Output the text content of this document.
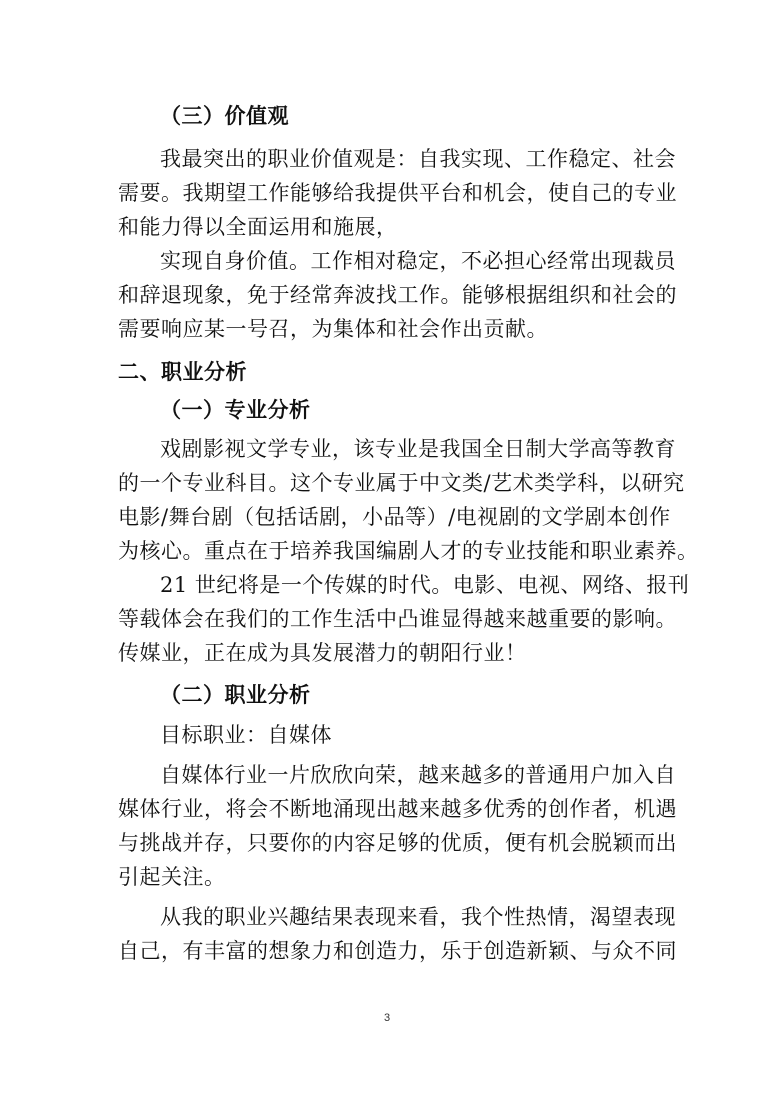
（三）价值观
我最突出的职业价值观是：自我实现、工作稳定、社会
需要。我期望工作能够给我提供平台和机会，使自己的专业
和能力得以全面运用和施展，
实现自身价值。工作相对稳定，不必担心经常出现裁员
和辞退现象，免于经常奔波找工作。能够根据组织和社会的
需要响应某一号召，为集体和社会作出贡献。
二、职业分析
（一）专业分析
戏剧影视文学专业，该专业是我国全日制大学高等教育
的一个专业科目。这个专业属于中文类/艺术类学科，以研究
电影/舞台剧（包括话剧，小品等）/电视剧的文学剧本创作
为核心。重点在于培养我国编剧人才的专业技能和职业素养。
21 世纪将是一个传媒的时代。电影、电视、网络、报刊
等载体会在我们的工作生活中凸谁显得越来越重要的影响。
传媒业，正在成为具发展潜力的朝阳行业！
（二）职业分析
目标职业：自媒体
自媒体行业一片欣欣向荣，越来越多的普通用户加入自
媒体行业，将会不断地涌现出越来越多优秀的创作者，机遇
与挑战并存，只要你的内容足够的优质，便有机会脱颖而出
引起关注。
从我的职业兴趣结果表现来看，我个性热情，渴望表现
自己，有丰富的想象力和创造力，乐于创造新颖、与众不同
3
